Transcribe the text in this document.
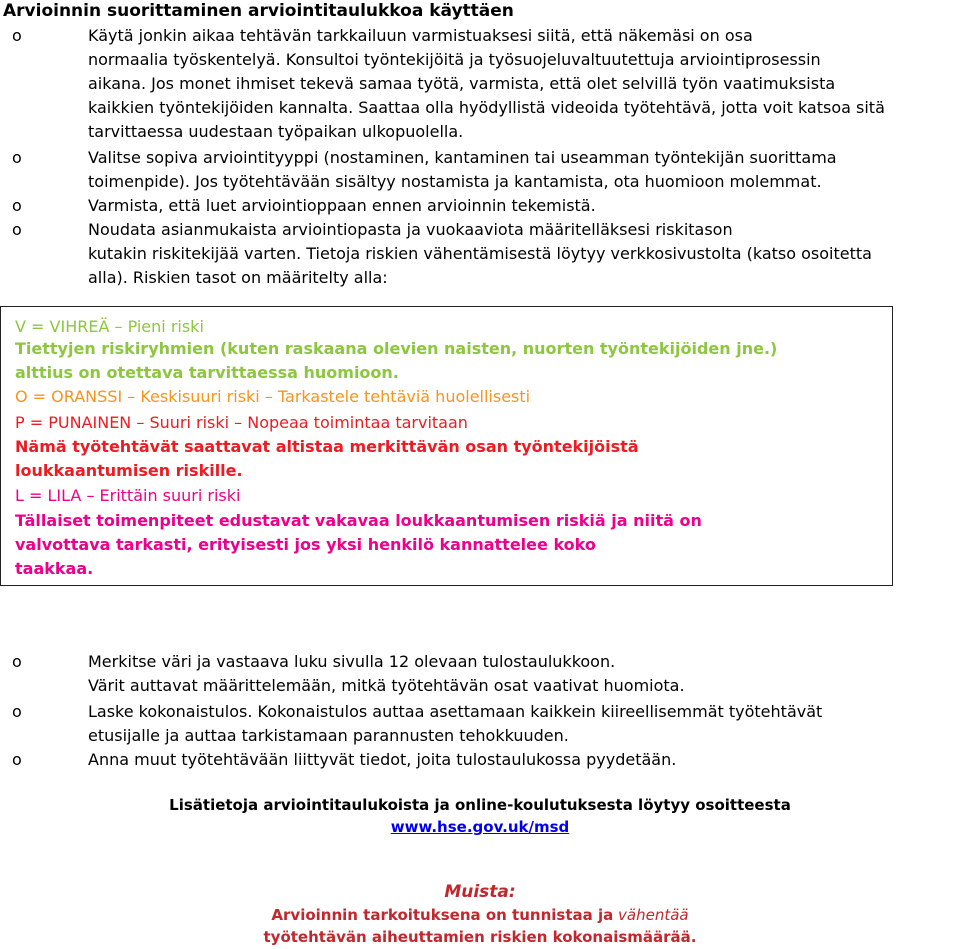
Arvioinnin suorittaminen arviointitaulukkoa käyttäen
o	Käytä jonkin aikaa tehtävän tarkkailuun varmistuaksesi siitä, että näkemäsi on osa
normaalia työskentelyä. Konsultoi työntekijöitä ja työsuojeluvaltuutettuja arviointiprosessin
aikana. Jos monet ihmiset tekevä samaa työtä, varmista, että olet selvillä työn vaatimuksista
kaikkien työntekijöiden kannalta. Saattaa olla hyödyllistä videoida työtehtävä, jotta voit katsoa sitä
tarvittaessa uudestaan työpaikan ulkopuolella.
o	Valitse sopiva arviointityyppi (nostaminen, kantaminen tai useamman työntekijän suorittama
toimenpide). Jos työtehtävään sisältyy nostamista ja kantamista, ota huomioon molemmat.
o	Varmista, että luet arviointioppaan ennen arvioinnin tekemistä.
o	Noudata asianmukaista arviointiopasta ja vuokaaviota määritelläksesi riskitason
kutakin riskitekijää varten. Tietoja riskien vähentämisestä löytyy verkkosivustolta (katso osoitetta
alla). Riskien tasot on määritelty alla:
V = VIHREÄ – Pieni riski
Tiettyjen riskiryhmien (kuten raskaana olevien naisten, nuorten työntekijöiden jne.)
alttius on otettava tarvittaessa huomioon.
O = ORANSSI – Keskisuuri riski – Tarkastele tehtäviä huolellisesti
P = PUNAINEN – Suuri riski – Nopeaa toimintaa tarvitaan
Nämä työtehtävät saattavat altistaa merkittävän osan työntekijöistä
loukkaantumisen riskille.
L = LILA – Erittäin suuri riski
Tällaiset toimenpiteet edustavat vakavaa loukkaantumisen riskiä ja niitä on
valvottava tarkasti, erityisesti jos yksi henkilö kannattelee koko
taakkaa.
o	Merkitse väri ja vastaava luku sivulla 12 olevaan tulostaulukkoon.
Värit auttavat määrittelemään, mitkä työtehtävän osat vaativat huomiota.
o	Laske kokonaistulos. Kokonaistulos auttaa asettamaan kaikkein kiireellisemmät työtehtävät
etusijalle ja auttaa tarkistamaan parannusten tehokkuuden.
o	Anna muut työtehtävään liittyvät tiedot, joita tulostaulukossa pyydetään.
Lisätietoja arviointitaulukoista ja online-koulutuksesta löytyy osoitteesta
www.hse.gov.uk/msd
Muista:
Arvioinnin tarkoituksena on tunnistaa ja vähentää
työtehtävän aiheuttamien riskien kokonaismäärää.
